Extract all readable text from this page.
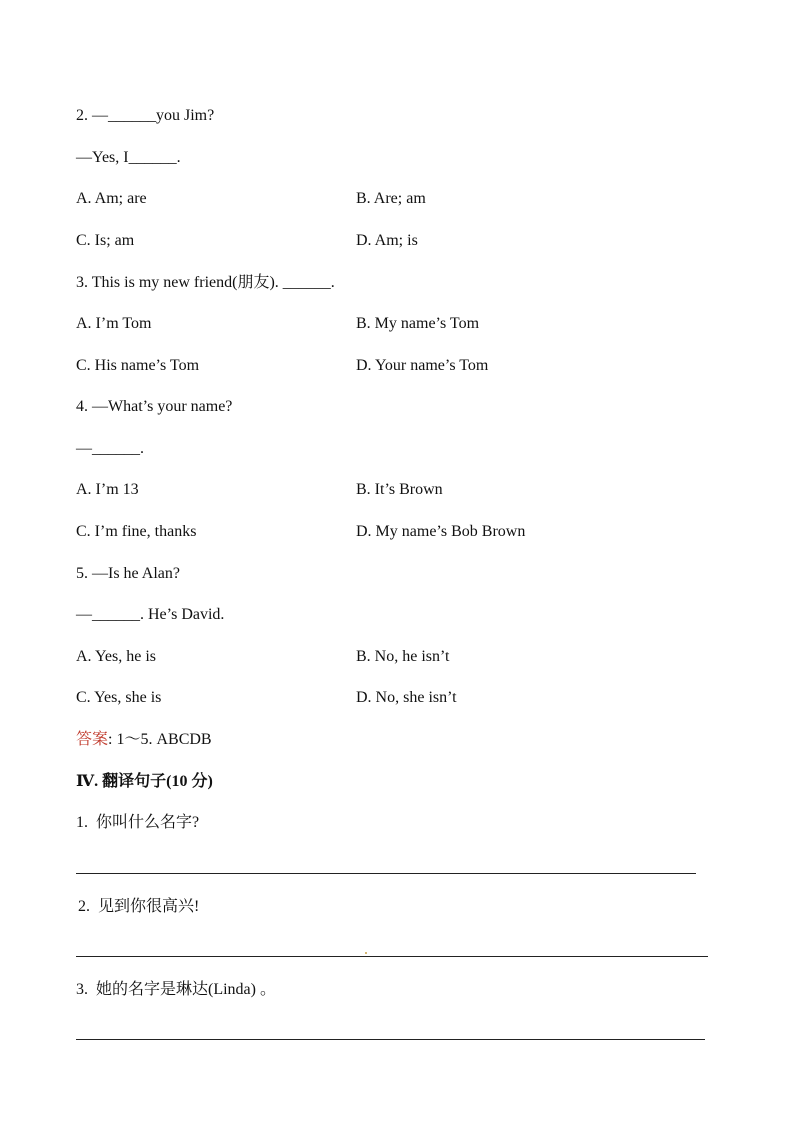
2. —______you Jim?
—Yes, I______.
A. Am; are	B. Are; am
C. Is; am	D. Am; is
3. This is my new friend(朋友). ______.
A. I’m Tom	B. My name’s Tom
C. His name’s Tom	D. Your name’s Tom
4. —What’s your name?
—______.
A. I’m 13	B. It’s Brown
C. I’m fine, thanks	D. My name’s Bob Brown
5. —Is he Alan?
—______. He’s David.
A. Yes, he is	B. No, he isn’t
C. Yes, she is	D. No, she isn’t
答案: 1～5. ABCDB
Ⅳ. 翻译句子(10 分)
1.  你叫什么名字?
2.  见到你很高兴!
3.  她的名字是琳达(Linda) 。
